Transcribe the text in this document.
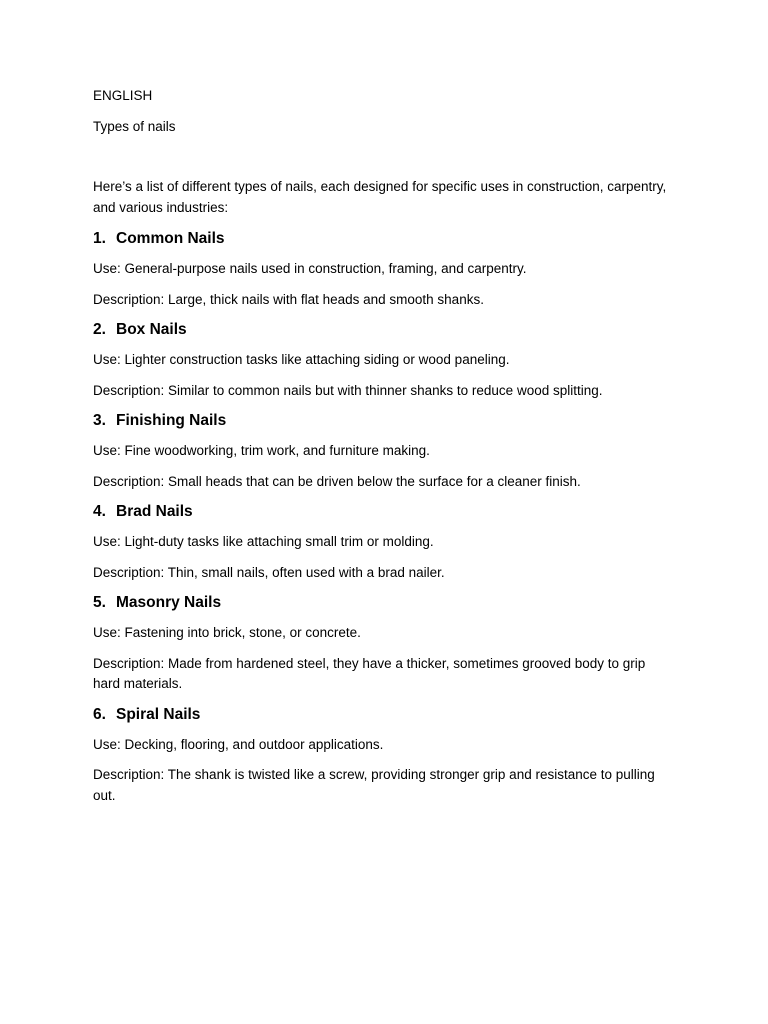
ENGLISH

Types of nails

Here’s a list of different types of nails, each designed for specific uses in construction, carpentry, and various industries:

1. Common Nails

Use: General-purpose nails used in construction, framing, and carpentry.

Description: Large, thick nails with flat heads and smooth shanks.

2. Box Nails

Use: Lighter construction tasks like attaching siding or wood paneling.

Description: Similar to common nails but with thinner shanks to reduce wood splitting.

3. Finishing Nails

Use: Fine woodworking, trim work, and furniture making.

Description: Small heads that can be driven below the surface for a cleaner finish.

4. Brad Nails

Use: Light-duty tasks like attaching small trim or molding.

Description: Thin, small nails, often used with a brad nailer.

5. Masonry Nails

Use: Fastening into brick, stone, or concrete.

Description: Made from hardened steel, they have a thicker, sometimes grooved body to grip hard materials.

6. Spiral Nails

Use: Decking, flooring, and outdoor applications.

Description: The shank is twisted like a screw, providing stronger grip and resistance to pulling out.
